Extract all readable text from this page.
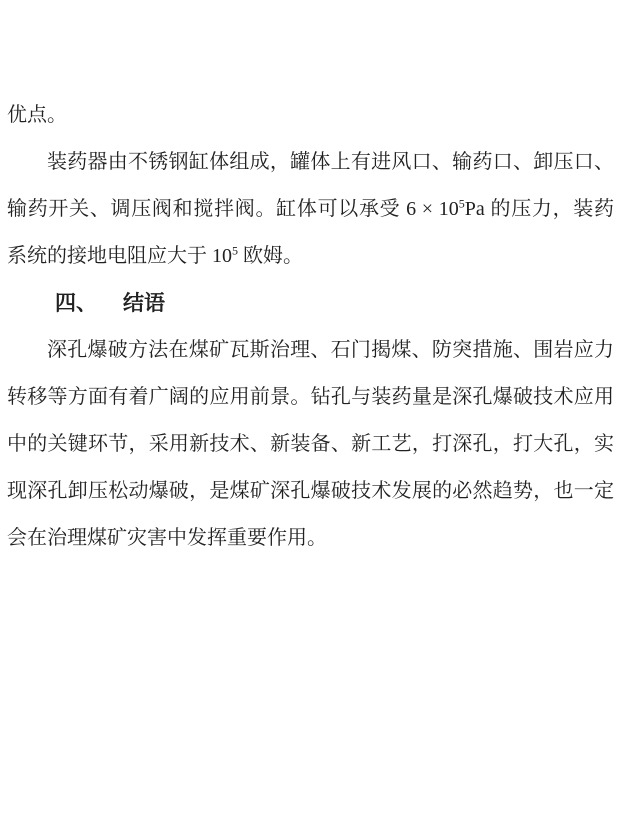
优点。
装药器由不锈钢缸体组成，罐体上有进风口、输药口、卸压口、
输药开关、调压阀和搅拌阀。缸体可以承受 $6 \times 10^5Pa$ 的压力，装药
系统的接地电阻应大于 $10^5$ 欧姆。
四、 结语
深孔爆破方法在煤矿瓦斯治理、石门揭煤、防突措施、围岩应力
转移等方面有着广阔的应用前景。钻孔与装药量是深孔爆破技术应用
中的关键环节，采用新技术、新装备、新工艺，打深孔，打大孔，实
现深孔卸压松动爆破，是煤矿深孔爆破技术发展的必然趋势，也一定
会在治理煤矿灾害中发挥重要作用。
